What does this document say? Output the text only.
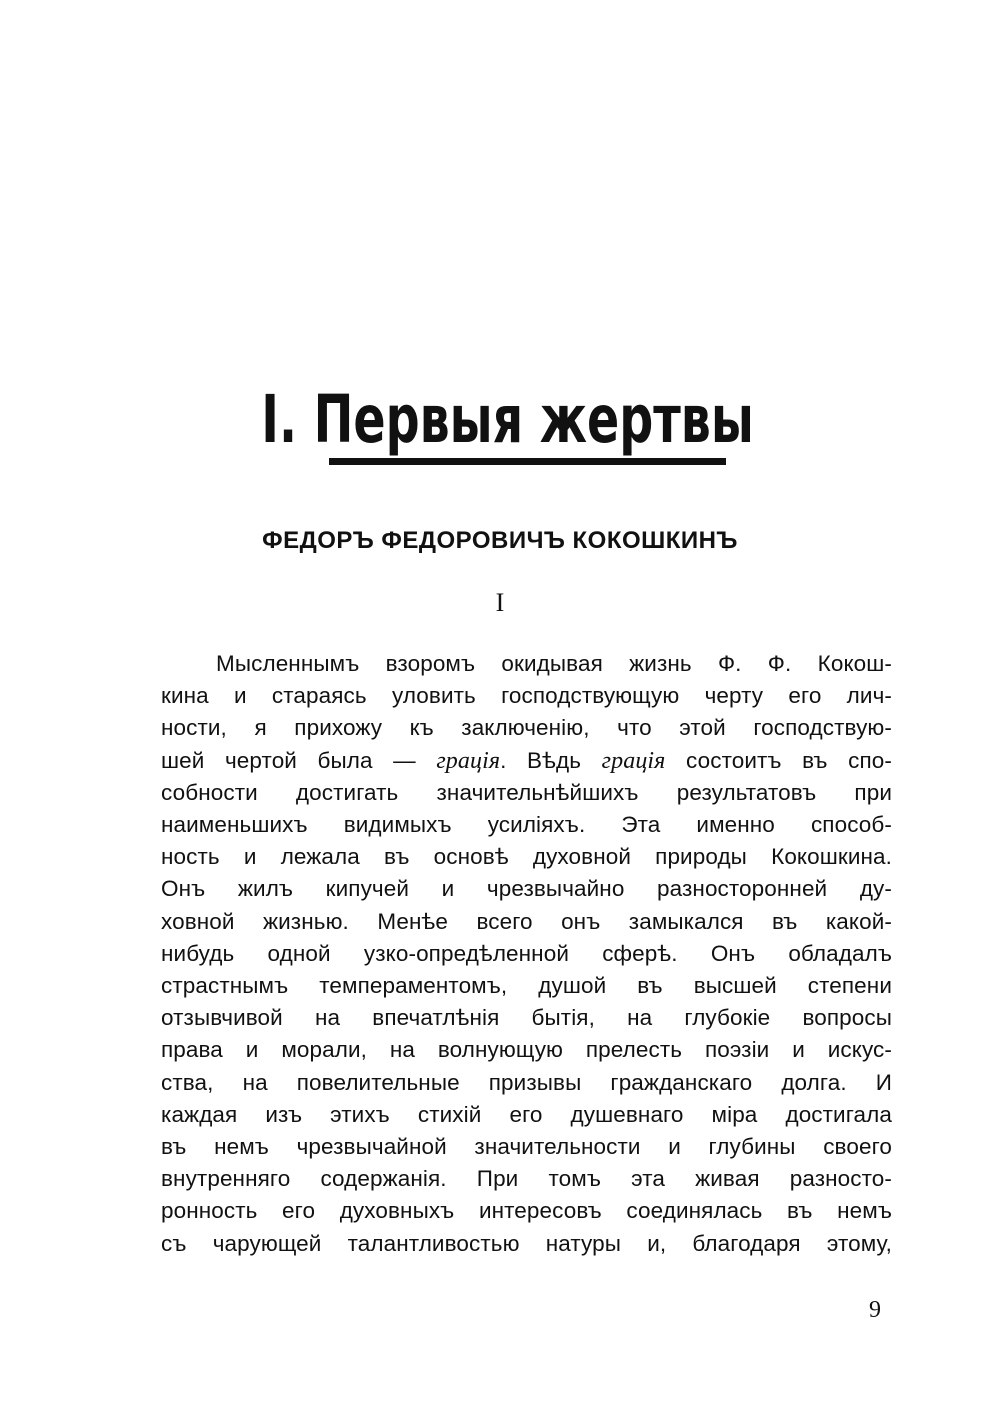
I. Первыя жертвы
ФЕДОРЪ ФЕДОРОВИЧЪ КОКОШКИНЪ
I
Мысленнымъ взоромъ окидывая жизнь Ф. Ф. Кокош-
кина и стараясь уловить господствующую черту его лич-
ности, я прихожу къ заключенію, что этой господствую-
шей чертой была — грація. Вѣдь грація состоитъ въ спо-
собности достигать значительнѣйшихъ результатовъ при
наименьшихъ видимыхъ усиліяхъ. Эта именно способ-
ность и лежала въ основѣ духовной природы Кокошкина.
Онъ жилъ кипучей и чрезвычайно разносторонней ду-
ховной жизнью. Менѣе всего онъ замыкался въ какой-
нибудь одной узко-опредѣленной сферѣ. Онъ обладалъ
страстнымъ темпераментомъ, душой въ высшей степени
отзывчивой на впечатлѣнія бытія, на глубокіе вопросы
права и морали, на волнующую прелесть поэзіи и искус-
ства, на повелительные призывы гражданскаго долга. И
каждая изъ этихъ стихій его душевнаго міра достигала
въ немъ чрезвычайной значительности и глубины своего
внутренняго содержанія. При томъ эта живая разносто-
ронность его духовныхъ интересовъ соединялась въ немъ
съ чарующей талантливостью натуры и, благодаря этому,
9
